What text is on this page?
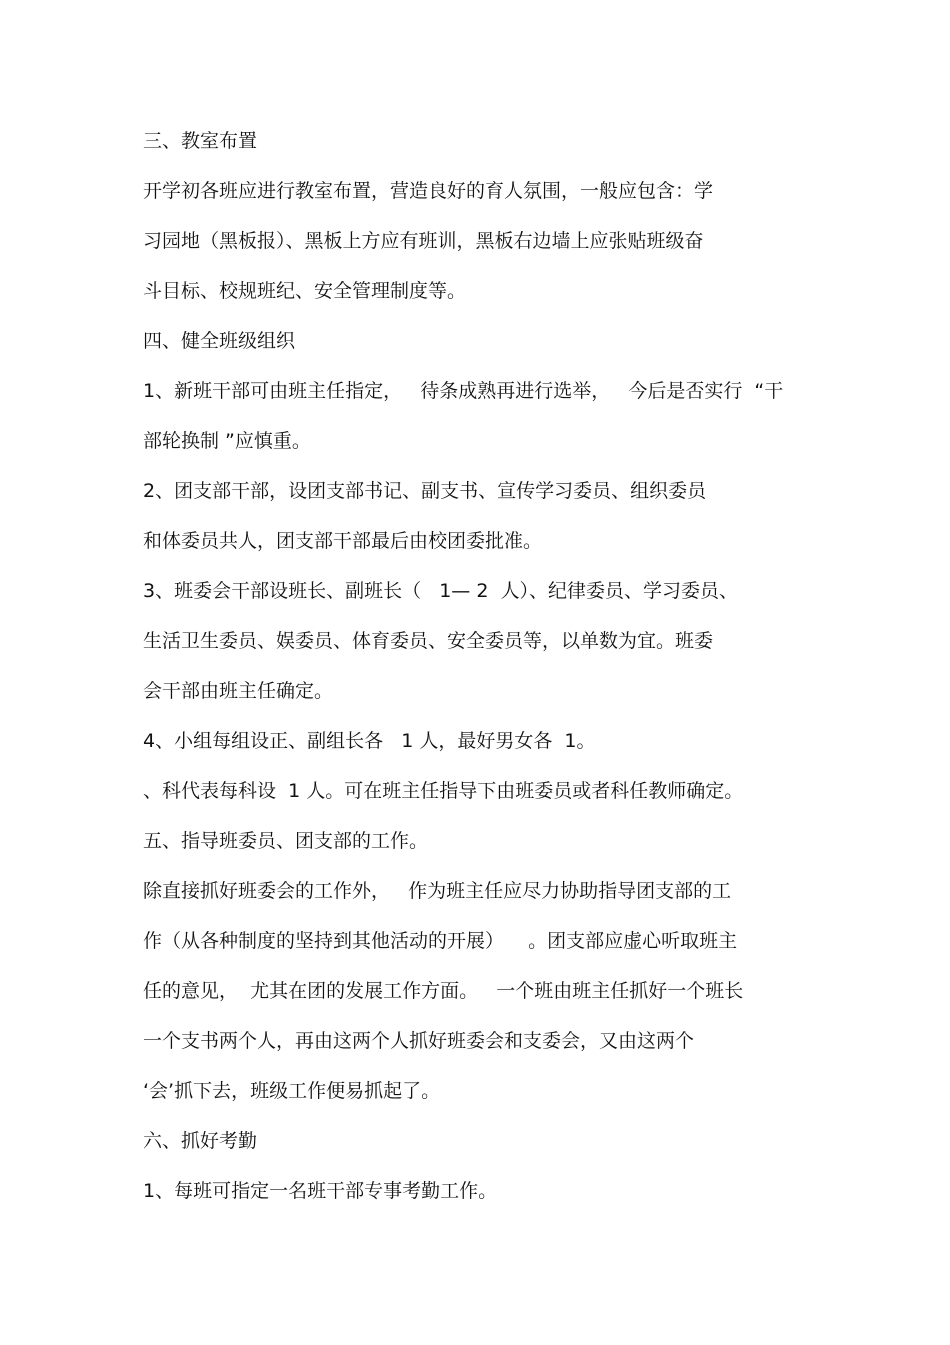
三、教室布置
开学初各班应进行教室布置，营造良好的育人氛围，一般应包含：学
习园地（黑板报）、黑板上方应有班训，黑板右边墙上应张贴班级奋
斗目标、校规班纪、安全管理制度等。
四、健全班级组织
1、新班干部可由班主任指定，   待条成熟再进行选举，   今后是否实行  “干
部轮换制 ”应慎重。
2、团支部干部，设团支部书记、副支书、宣传学习委员、组织委员
和体委员共人，团支部干部最后由校团委批准。
3、班委会干部设班长、副班长（   1— 2  人）、纪律委员、学习委员、
生活卫生委员、娱委员、体育委员、安全委员等，以单数为宜。班委
会干部由班主任确定。
4、小组每组设正、副组长各   1 人，最好男女各  1。
、科代表每科设  1 人。可在班主任指导下由班委员或者科任教师确定。
五、指导班委员、团支部的工作。
除直接抓好班委会的工作外，   作为班主任应尽力协助指导团支部的工
作（从各种制度的坚持到其他活动的开展）    。团支部应虚心听取班主
任的意见，  尤其在团的发展工作方面。   一个班由班主任抓好一个班长
一个支书两个人，再由这两个人抓好班委会和支委会，又由这两个
‘会’抓下去，班级工作便易抓起了。
六、抓好考勤
1、每班可指定一名班干部专事考勤工作。
